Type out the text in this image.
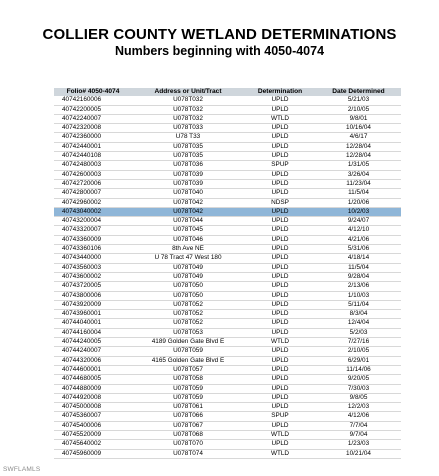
COLLIER COUNTY WETLAND DETERMINATIONS
Numbers beginning with 4050-4074
Folio# 4050-4074	Address or Unit/Tract	Determination	Date Determined
40742160006	U078T032	UPLD	5/21/03
40742200005	U078T032	UPLD	2/10/05
40742240007	U078T032	WTLD	9/8/01
40742320008	U078T033	UPLD	10/16/04
40742360000	U78 T33	UPLD	4/6/17
40742440001	U078T035	UPLD	12/28/04
40742440108	U078T035	UPLD	12/28/04
40742480003	U078T036	SPUP	1/31/05
40742600003	U078T039	UPLD	3/26/04
40742720006	U078T039	UPLD	11/23/04
40742800007	U078T040	UPLD	11/5/04
40742960002	U078T042	NDSP	1/20/06
40743040002	U078T042	UPLD	10/2/03
40743200004	U078T044	UPLD	9/24/07
40743320007	U078T045	UPLD	4/12/10
40743360009	U078T046	UPLD	4/21/06
40743360106	8th Ave NE	UPLD	5/31/06
40743440000	U 78 Tract 47 West 180	UPLD	4/18/14
40743560003	U078T049	UPLD	11/5/04
40743600002	U078T049	UPLD	9/28/04
40743720005	U078T050	UPLD	2/13/06
40743800006	U078T050	UPLD	1/10/03
40743920009	U078T052	UPLD	5/11/04
40743960001	U078T052	UPLD	8/3/04
40744040001	U078T052	UPLD	12/4/04
40744160004	U078T053	UPLD	5/2/03
40744240005	4189 Golden Gate Blvd E	WTLD	7/27/16
40744240007	U078T059	UPLD	2/10/05
40744320006	4165 Golden Gate Blvd E	UPLD	6/29/01
40744600001	U078T057	UPLD	11/14/06
40744680005	U078T058	UPLD	9/20/05
40744880009	U078T059	UPLD	7/30/03
40744920008	U078T059	UPLD	9/8/05
40745000008	U078T061	UPLD	12/2/03
40745360007	U078T066	SPUP	4/12/06
40745400006	U078T067	UPLD	7/7/04
40745520009	U078T068	WTLD	9/7/04
40745640002	U078T070	UPLD	1/23/03
40745960009	U078T074	WTLD	10/21/04
SWFLAMLS
